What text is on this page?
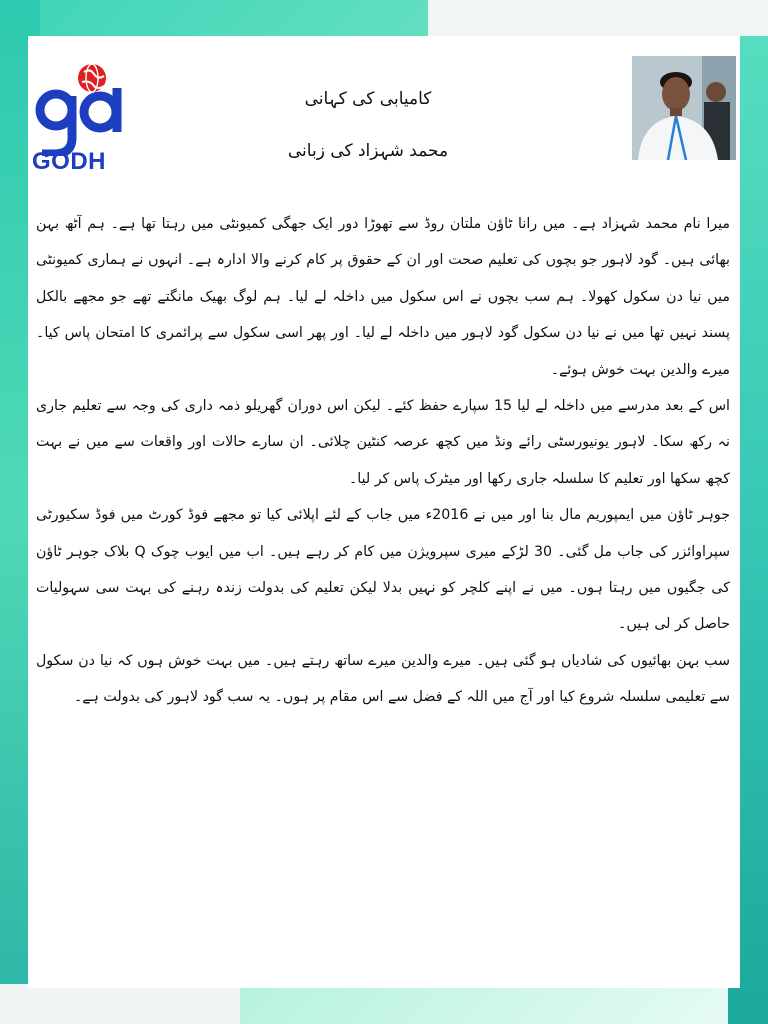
GODH
کامیابی کی کہانی
محمد شہزاد کی زبانی

میرا نام محمد شہزاد ہے۔ میں رانا ٹاؤن ملتان روڈ سے تھوڑا دور ایک جھگی کمیونٹی میں رہتا تھا ہے۔ ہم آٹھ بہن بھائی ہیں۔ گود لاہور جو بچوں کی تعلیم صحت اور ان کے حقوق پر کام کرنے والا ادارہ ہے۔ انہوں نے ہماری کمیونٹی میں نیا دن سکول کھولا۔ ہم سب بچوں نے اس سکول میں داخلہ لے لیا۔ ہم لوگ بھیک مانگتے تھے جو مجھے بالکل پسند نہیں تھا میں نے نیا دن سکول گود لاہور میں داخلہ لے لیا۔ اور پھر اسی سکول سے پرائمری کا امتحان پاس کیا۔ میرے والدین بہت خوش ہوئے۔

اس کے بعد مدرسے میں داخلہ لے لیا 15 سپارے حفظ کئے۔ لیکن اس دوران گھریلو ذمہ داری کی وجہ سے تعلیم جاری نہ رکھ سکا۔ لاہور یونیورسٹی رائے ونڈ میں کچھ عرصہ کنٹین چلائی۔ ان سارے حالات اور واقعات سے میں نے بہت کچھ سکھا اور تعلیم کا سلسلہ جاری رکھا اور میٹرک پاس کر لیا۔

جوہر ٹاؤن میں ایمپوریم مال بنا اور میں نے 2016ء میں جاب کے لئے اپلائی کیا تو مجھے فوڈ کورٹ میں فوڈ سکیورٹی سپراوائزر کی جاب مل گئی۔ 30 لڑکے میری سپرویژن میں کام کر رہے ہیں۔ اب میں ایوب چوک Q بلاک جوہر ٹاؤن کی جگیوں میں رہتا ہوں۔ میں نے اپنے کلچر کو نہیں بدلا لیکن تعلیم کی بدولت زندہ رہنے کی بہت سی سہولیات حاصل کر لی ہیں۔

سب بہن بھائیوں کی شادیاں ہو گئی ہیں۔ میرے والدین میرے ساتھ رہتے ہیں۔ میں بہت خوش ہوں کہ نیا دن سکول سے تعلیمی سلسلہ شروع کیا اور آج میں اللہ کے فضل سے اس مقام پر ہوں۔ یہ سب گود لاہور کی بدولت ہے۔
